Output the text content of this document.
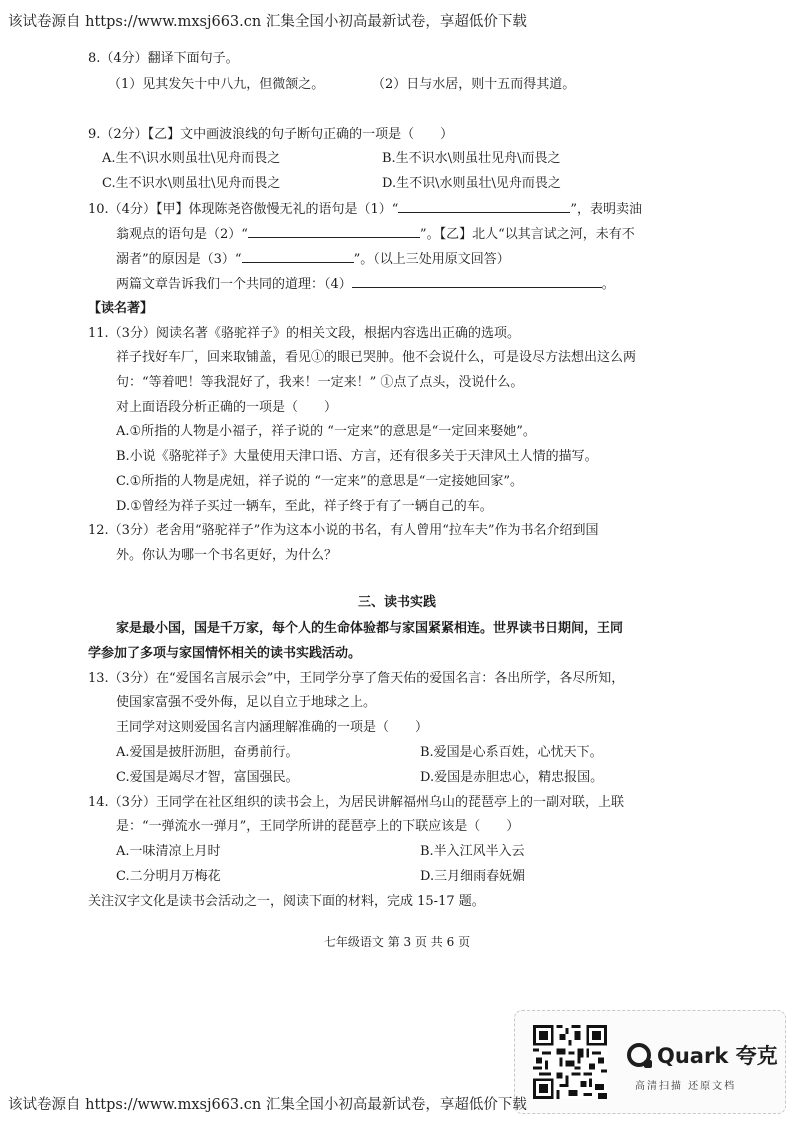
该试卷源自 https://www.mxsj663.cn 汇集全国小初高最新试卷，享超低价下载
8.（4分）翻译下面句子。
（1）见其发矢十中八九，但微颔之。	（2）日与水居，则十五而得其道。
9.（2分）【乙】文中画波浪线的句子断句正确的一项是（　　）
A.生不\识水则虽壮\见舟而畏之	B.生不识水\则虽壮见舟\而畏之
C.生不识水\则虽壮\见舟而畏之	D.生不识\水则虽壮\见舟而畏之
10.（4分）【甲】体现陈尧咨傲慢无礼的语句是（1）“	”，表明卖油
翁观点的语句是（2）“	”。【乙】北人“以其言试之河，未有不
溺者”的原因是（3）“	”。（以上三处用原文回答）
两篇文章告诉我们一个共同的道理：（4）	。
【读名著】
11.（3分）阅读名著《骆驼祥子》的相关文段，根据内容选出正确的选项。
祥子找好车厂，回来取铺盖，看见①的眼已哭肿。他不会说什么，可是设尽方法想出这么两
句：“等着吧！等我混好了，我来！一定来！” ①点了点头，没说什么。
对上面语段分析正确的一项是（　　）
A.①所指的人物是小福子，祥子说的 “一定来”的意思是“一定回来娶她”。
B.小说《骆驼祥子》大量使用天津口语、方言，还有很多关于天津风土人情的描写。
C.①所指的人物是虎妞，祥子说的 “一定来”的意思是“一定接她回家”。
D.①曾经为祥子买过一辆车，至此，祥子终于有了一辆自己的车。
12.（3分）老舍用“骆驼祥子”作为这本小说的书名，有人曾用“拉车夫”作为书名介绍到国
外。你认为哪一个书名更好，为什么？
三、读书实践
家是最小国，国是千万家，每个人的生命体验都与家国紧紧相连。世界读书日期间，王同
学参加了多项与家国情怀相关的读书实践活动。
13.（3分）在“爱国名言展示会”中，王同学分享了詹天佑的爱国名言：各出所学，各尽所知，
使国家富强不受外侮，足以自立于地球之上。
王同学对这则爱国名言内涵理解准确的一项是（　　）
A.爱国是披肝沥胆，奋勇前行。	B.爱国是心系百姓，心忧天下。
C.爱国是竭尽才智，富国强民。	D.爱国是赤胆忠心，精忠报国。
14.（3分）王同学在社区组织的读书会上，为居民讲解福州乌山的琵琶亭上的一副对联，上联
是：“一弹流水一弹月”，王同学所讲的琵琶亭上的下联应该是（　　）
A.一味清凉上月时	B.半入江风半入云
C.二分明月万梅花	D.三月细雨春妩媚
关注汉字文化是读书会活动之一，阅读下面的材料，完成 15-17 题。
七年级语文 第 3 页 共 6 页
Quark 夸克
高清扫描 还原文档
该试卷源自 https://www.mxsj663.cn 汇集全国小初高最新试卷，享超低价下载
